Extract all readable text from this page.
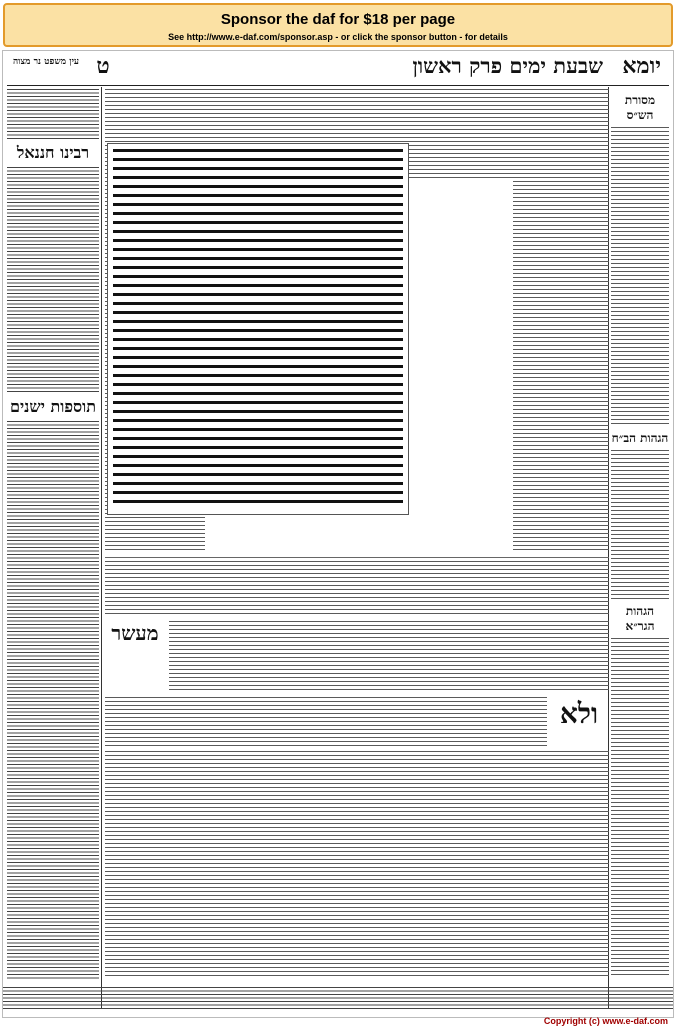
Sponsor the daf for $18 per page
See http://www.e-daf.com/sponsor.asp - or click the sponsor button - for details
שבעת ימים פרק ראשון יומא
ט
עין משפט נר מצוה
רבינו חננאל
תוספות ישנים
מסורת הש״ס
הגהות הב״ח
הגהות הגר״א
מעשר
ולא
Copyright (c) www.e-daf.com
